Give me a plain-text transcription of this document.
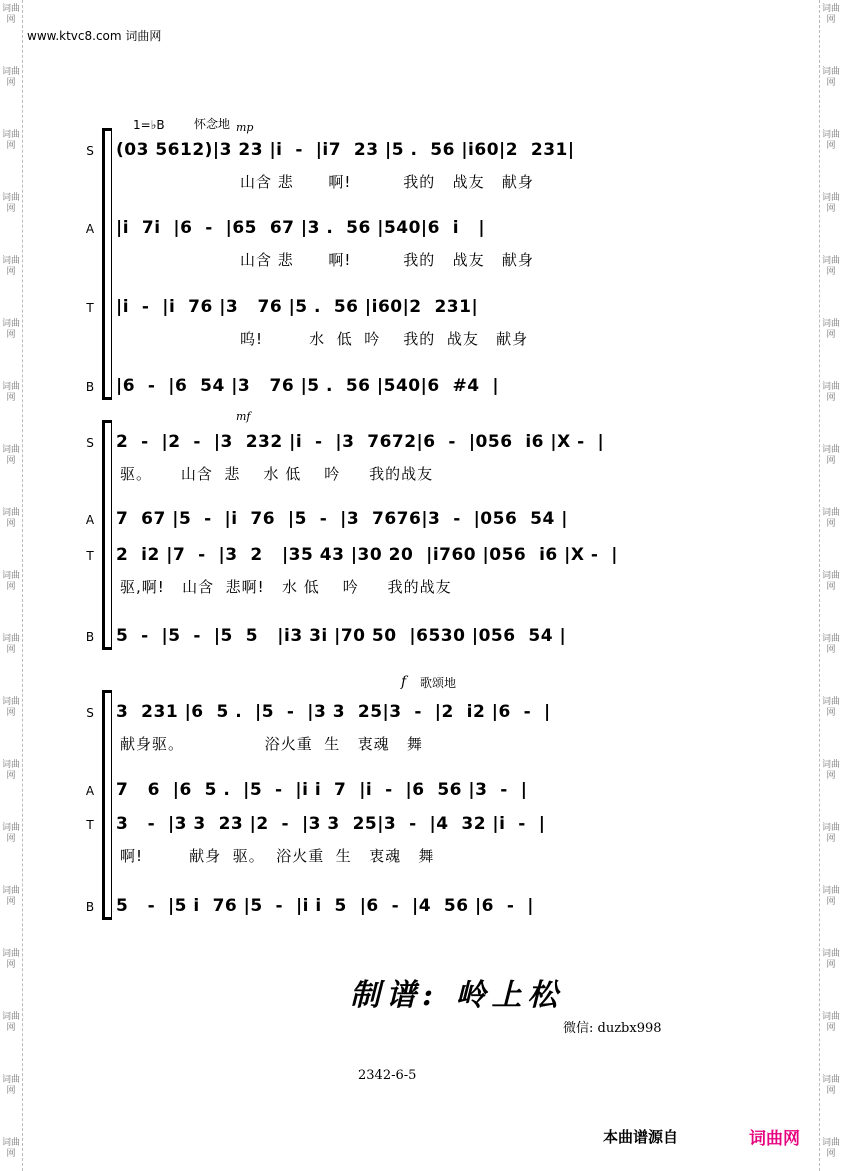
词曲网
词曲网
词曲网
词曲网
词曲网
词曲网
词曲网
词曲网
词曲网
词曲网
词曲网
词曲网
词曲网
词曲网
词曲网
词曲网
词曲网
词曲网
词曲网
词曲网
词曲网
词曲网
词曲网
词曲网
词曲网
词曲网
词曲网
词曲网
词曲网
词曲网
词曲网
词曲网
词曲网
词曲网
词曲网
词曲网
词曲网
词曲网
www.ktvc8.com 词曲网
1=♭B 怀念地 mp
mf
f 歌颂地
S	(03 5612)|3 23 |i  -  |i7  23 |5 .  56 |i60|2  231|
山含 悲      啊!         我的   战友   献身
A	|i  7i  |6  -  |65  67 |3 .  56 |540|6  i   |
山含 悲      啊!         我的   战友   献身
T	|i  -  |i  76 |3   76 |5 .  56 |i60|2  231|
呜!        水  低  吟    我的  战友   献身
B	|6  -  |6  54 |3   76 |5 .  56 |540|6  #4  |
S	2  -  |2  -  |3  232 |i  -  |3  7672|6  -  |056  i6 |X -  |
驱。     山含  悲    水 低    吟     我的战友
A	7  67 |5  -  |i  76  |5  -  |3  7676|3  -  |056  54 |
T	2  i2 |7  -  |3  2   |35 43 |30 20  |i760 |056  i6 |X -  |
驱,啊!   山含  悲啊!   水 低    吟     我的战友
B	5  -  |5  -  |5  5   |i3 3i |70 50  |6530 |056  54 |
S	3  231 |6  5 .  |5  -  |3 3  25|3  -  |2  i2 |6  -  |
献身驱。              浴火重  生   衷魂   舞
A	7   6  |6  5 .  |5  -  |i i  7  |i  -  |6  56 |3  -  |
T	3   -  |3 3  23 |2  -  |3 3  25|3  -  |4  32 |i  -  |
啊!        献身  驱。  浴火重  生   衷魂   舞
B	5   -  |5 i  76 |5  -  |i i  5  |6  -  |4  56 |6  -  |
制谱: 岭上松
微信: duzbx998
2342-6-5
本曲谱源自	词曲网
